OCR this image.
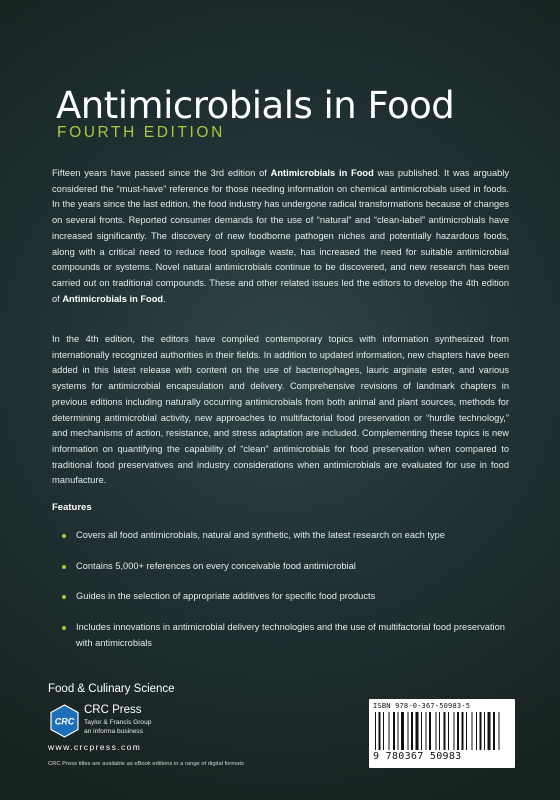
Antimicrobials in Food
FOURTH EDITION

Fifteen years have passed since the 3rd edition of Antimicrobials in Food was published. It was arguably considered the “must-have” reference for those needing information on chemical antimicrobials used in foods. In the years since the last edition, the food industry has undergone radical transformations because of changes on several fronts. Reported consumer demands for the use of “natural” and “clean-label” antimicrobials have increased significantly. The discovery of new foodborne pathogen niches and potentially hazardous foods, along with a critical need to reduce food spoilage waste, has increased the need for suitable antimicrobial compounds or systems. Novel natural antimicrobials continue to be discovered, and new research has been carried out on traditional compounds. These and other related issues led the editors to develop the 4th edition of Antimicrobials in Food.

In the 4th edition, the editors have compiled contemporary topics with information synthesized from internationally recognized authorities in their fields. In addition to updated information, new chapters have been added in this latest release with content on the use of bacteriophages, lauric arginate ester, and various systems for antimicrobial encapsulation and delivery. Comprehensive revisions of landmark chapters in previous editions including naturally occurring antimicrobials from both animal and plant sources, methods for determining antimicrobial activity, new approaches to multifactorial food preservation or “hurdle technology,” and mechanisms of action, resistance, and stress adaptation are included. Complementing these topics is new information on quantifying the capability of “clean” antimicrobials for food preservation when compared to traditional food preservatives and industry considerations when antimicrobials are evaluated for use in food manufacture.

Features
Covers all food antimicrobials, natural and synthetic, with the latest research on each type
Contains 5,000+ references on every conceivable food antimicrobial
Guides in the selection of appropriate additives for specific food products
Includes innovations in antimicrobial delivery technologies and the use of multifactorial food preservation with antimicrobials
Food & Culinary Science
CRC
CRC Press
Taylor & Francis Group
an informa business
www.crcpress.com
CRC Press titles are available as eBook editions in a range of digital formats
ISBN 978-0-367-50983-5
9 780367 50983
